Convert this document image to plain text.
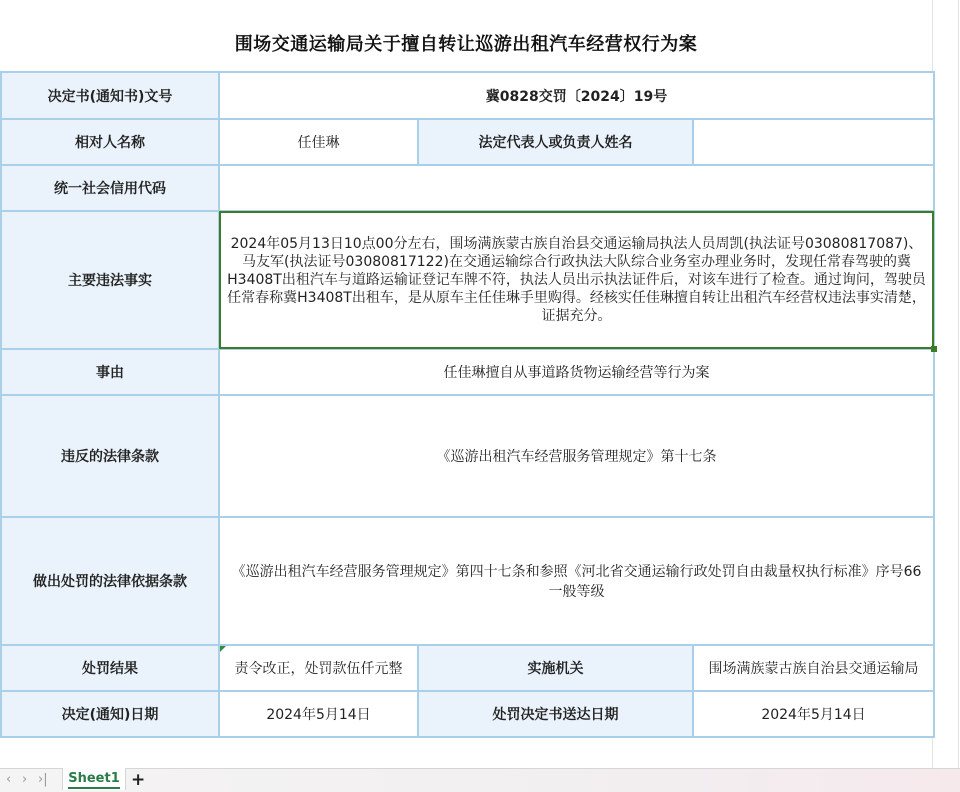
围场交通运输局关于擅自转让巡游出租汽车经营权行为案
决定书(通知书)文号	冀0828交罚〔2024〕19号		
相对人名称	任佳琳	法定代表人或负责人姓名	
统一社会信用代码			
主要违法事实	2024年05月13日10点00分左右，围场满族蒙古族自治县交通运输局执法人员周凯(执法证号03080817087)、马友军(执法证号03080817122)在交通运输综合行政执法大队综合业务室办理业务时，发现任常春驾驶的冀H3408T出租汽车与道路运输证登记车牌不符，执法人员出示执法证件后，对该车进行了检查。通过询问，驾驶员任常春称冀H3408T出租车，是从原车主任佳琳手里购得。经核实任佳琳擅自转让出租汽车经营权违法事实清楚，证据充分。		

事由	任佳琳擅自从事道路货物运输经营等行为案		
违反的法律条款	《巡游出租汽车经营服务管理规定》第十七条		
做出处罚的法律依据条款	《巡游出租汽车经营服务管理规定》第四十七条和参照《河北省交通运输行政处罚自由裁量权执行标准》序号66一般等级		
处罚结果	责令改正，处罚款伍仟元整	实施机关	围场满族蒙古族自治县交通运输局
决定(通知)日期	2024年5月14日	处罚决定书送达日期	2024年5月14日
‹ › ›|	Sheet1 +
